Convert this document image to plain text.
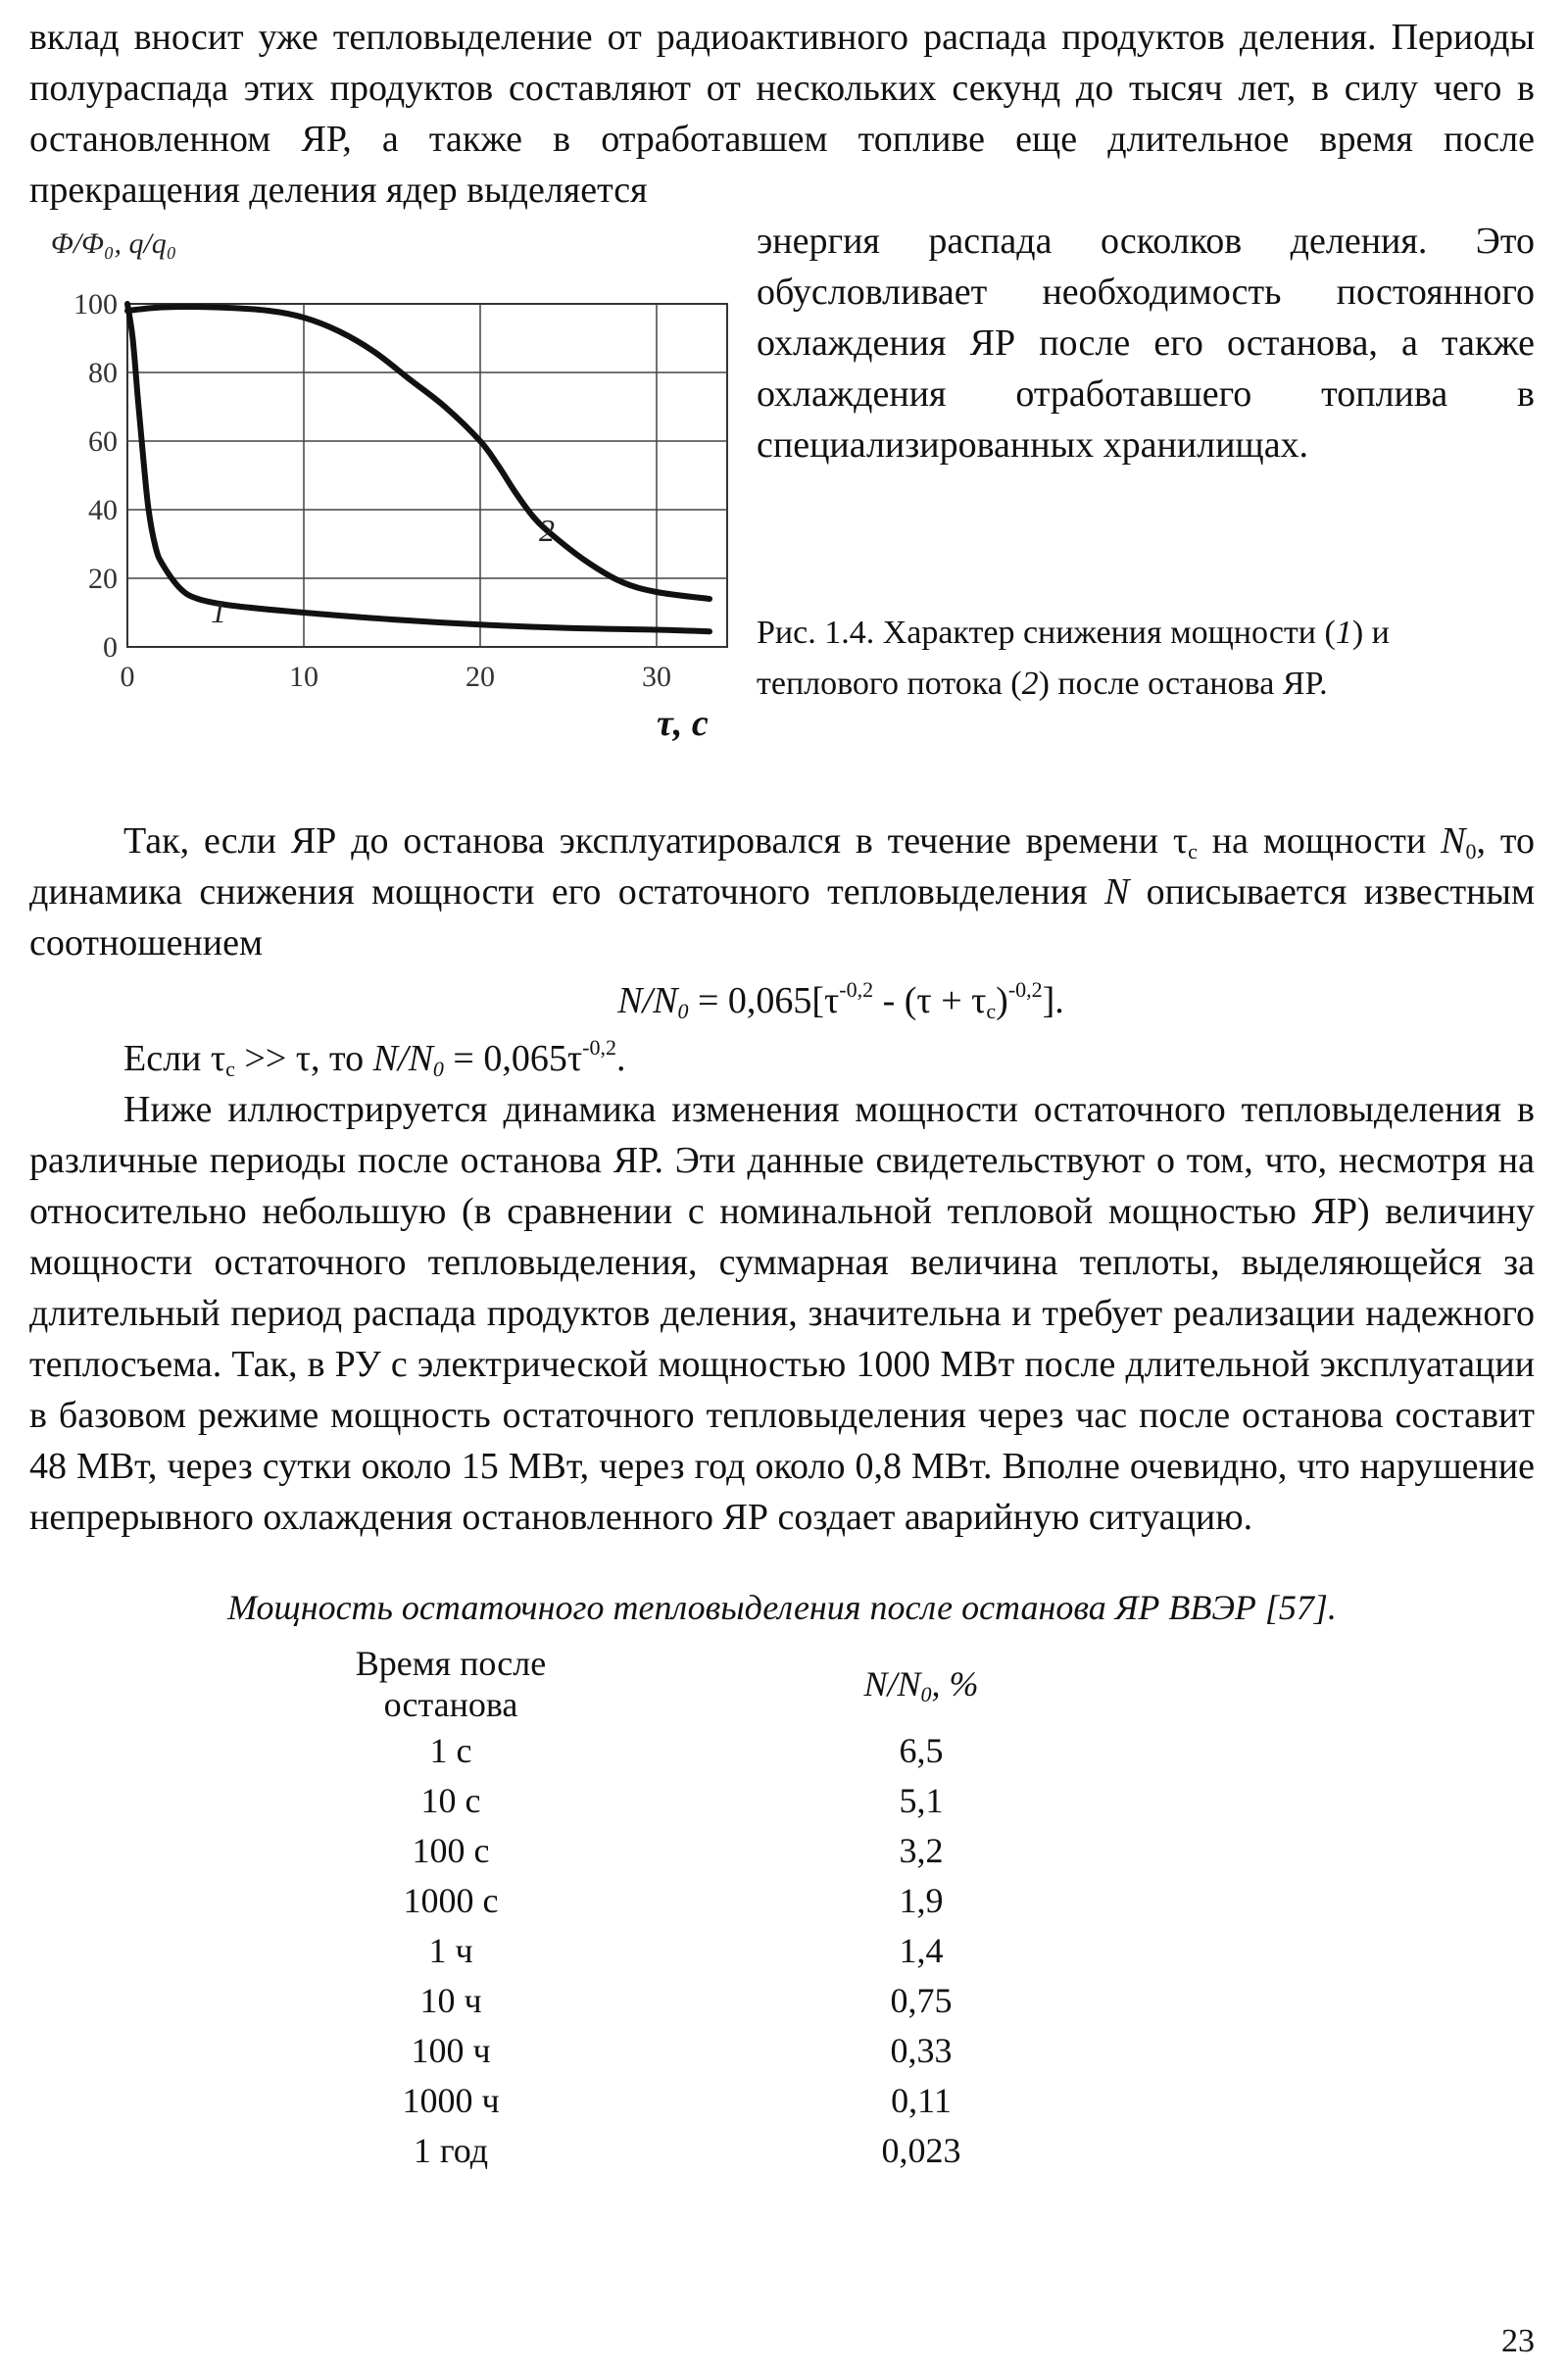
вклад вносит уже тепловыделение от радиоактивного распада продуктов деления. Периоды полураспада этих продуктов составляют от нескольких секунд до тысяч лет, в силу чего в остановленном ЯР, а также в отработавшем топливе еще длительное время после прекращения деления ядер выделяется

0
20
40
60
80
100
0	10	20	30
Φ/Φ₀, q/q₀
τ, с
1
2

энергия распада осколков деления. Это обусловливает необходимость постоянного охлаждения ЯР после его останова, а также охлаждения отработавшего топлива в специализированных хранилищах.

Рис. 1.4. Характер снижения мощности (1) и теплового потока (2) после останова ЯР.

Так, если ЯР до останова эксплуатировался в течение времени $\tau_с$ на мощности $N_0$, то динамика снижения мощности его остаточного тепловыделения N описывается известным соотношением

$N/N_0 = 0,065[\tau^{-0,2} - (\tau + \tau_с)^{-0,2}]$.

Если $\tau_с >> \tau$, то $N/N_0 = 0,065\tau^{-0,2}$.

Ниже иллюстрируется динамика изменения мощности остаточного тепловыделения в различные периоды после останова ЯР. Эти данные свидетельствуют о том, что, несмотря на относительно небольшую (в сравнении с номинальной тепловой мощностью ЯР) величину мощности остаточного тепловыделения, суммарная величина теплоты, выделяющейся за длительный период распада продуктов деления, значительна и требует реализации надежного теплосъема. Так, в РУ с электрической мощностью 1000 МВт после длительной эксплуатации в базовом режиме мощность остаточного тепловыделения через час после останова составит 48 МВт, через сутки около 15 МВт, через год около 0,8 МВт. Вполне очевидно, что нарушение непрерывного охлаждения остановленного ЯР создает аварийную ситуацию.

Мощность остаточного тепловыделения после останова ЯР ВВЭР [57].
Время после останова	$N/N_0$, %
1 с	6,5
10 с	5,1
100 с	3,2
1000 с	1,9
1 ч	1,4
10 ч	0,75
100 ч	0,33
1000 ч	0,11
1 год	0,023
23
